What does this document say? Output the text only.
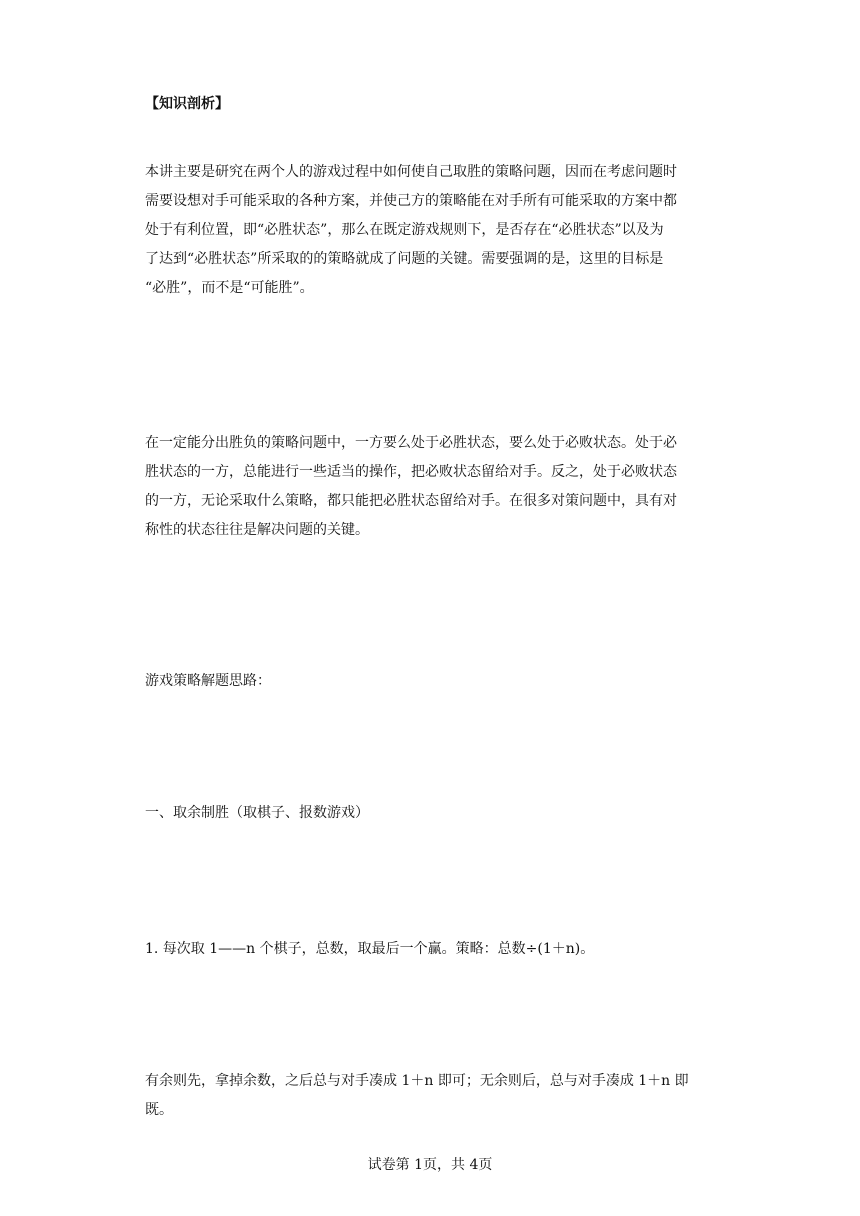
【知识剖析】
本讲主要是研究在两个人的游戏过程中如何使自己取胜的策略问题，因而在考虑问题时
需要设想对手可能采取的各种方案，并使己方的策略能在对手所有可能采取的方案中都
处于有利位置，即“必胜状态”，那么在既定游戏规则下，是否存在“必胜状态”以及为
了达到“必胜状态”所采取的的策略就成了问题的关键。需要强调的是，这里的目标是
“必胜”，而不是“可能胜”。
在一定能分出胜负的策略问题中，一方要么处于必胜状态，要么处于必败状态。处于必
胜状态的一方，总能进行一些适当的操作，把必败状态留给对手。反之，处于必败状态
的一方，无论采取什么策略，都只能把必胜状态留给对手。在很多对策问题中，具有对
称性的状态往往是解决问题的关键。
游戏策略解题思路：
一、取余制胜（取棋子、报数游戏）
1. 每次取 1——n 个棋子，总数，取最后一个赢。策略：总数÷(1＋n)。
有余则先，拿掉余数，之后总与对手凑成 1＋n 即可；无余则后，总与对手凑成 1＋n 即
既。
试卷第 1页，共 4页
